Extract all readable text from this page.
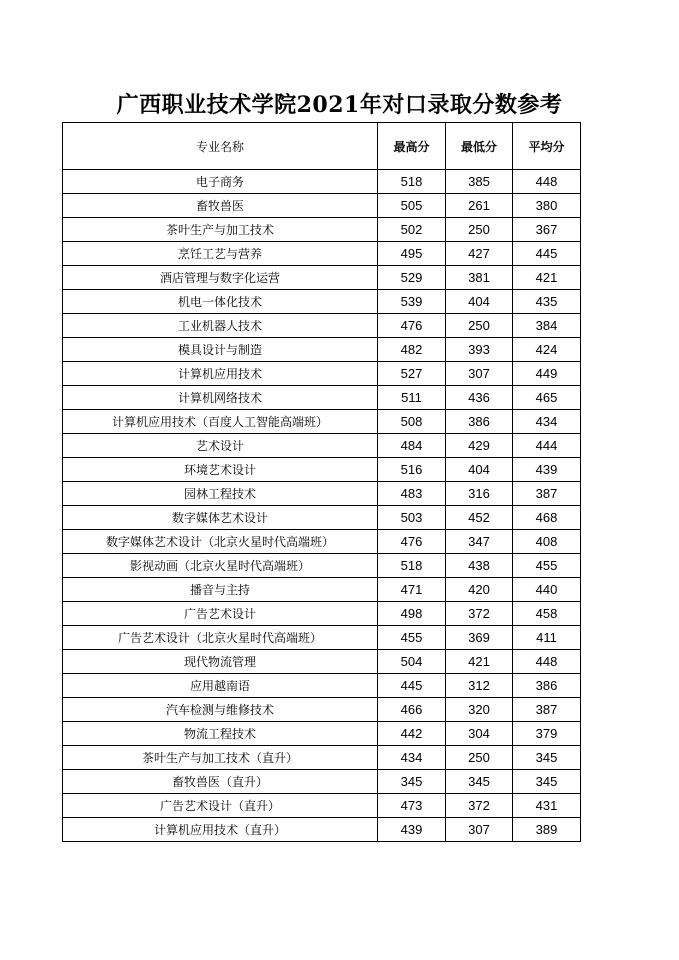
广西职业技术学院2021年对口录取分数参考
专业名称	最高分	最低分	平均分
电子商务	518	385	448
畜牧兽医	505	261	380
茶叶生产与加工技术	502	250	367
烹饪工艺与营养	495	427	445
酒店管理与数字化运营	529	381	421
机电一体化技术	539	404	435
工业机器人技术	476	250	384
模具设计与制造	482	393	424
计算机应用技术	527	307	449
计算机网络技术	511	436	465
计算机应用技术（百度人工智能高端班）	508	386	434
艺术设计	484	429	444
环境艺术设计	516	404	439
园林工程技术	483	316	387
数字媒体艺术设计	503	452	468
数字媒体艺术设计（北京火星时代高端班）	476	347	408
影视动画（北京火星时代高端班）	518	438	455
播音与主持	471	420	440
广告艺术设计	498	372	458
广告艺术设计（北京火星时代高端班）	455	369	411
现代物流管理	504	421	448
应用越南语	445	312	386
汽车检测与维修技术	466	320	387
物流工程技术	442	304	379
茶叶生产与加工技术（直升）	434	250	345
畜牧兽医（直升）	345	345	345
广告艺术设计（直升）	473	372	431
计算机应用技术（直升）	439	307	389
